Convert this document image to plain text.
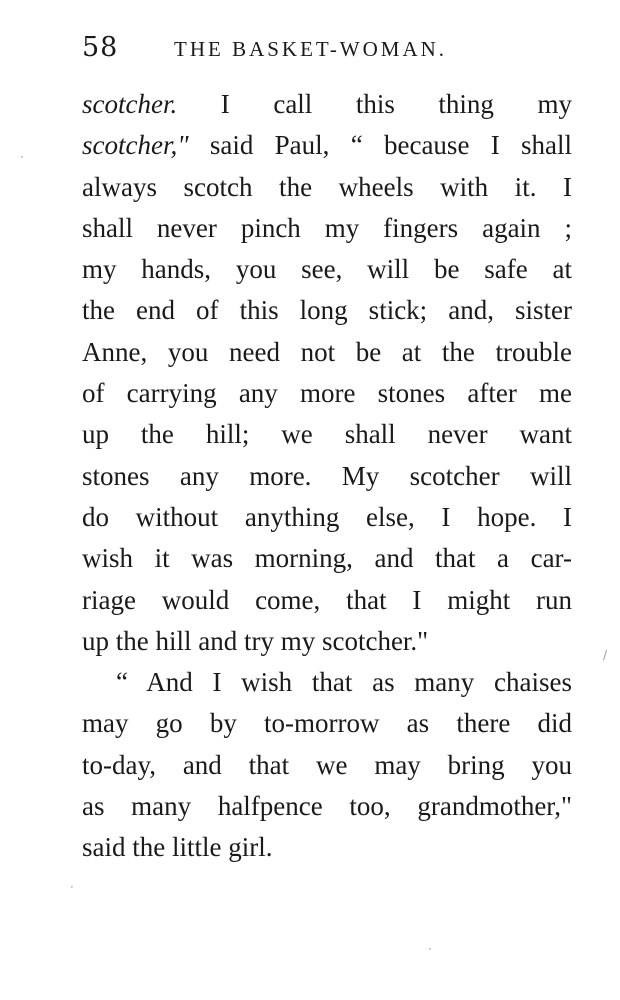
58	THE BASKET-WOMAN.
scotcher. I call this thing my
scotcher," said Paul, “ because I shall
always scotch the wheels with it. I
shall never pinch my fingers again ;
my hands, you see, will be safe at
the end of this long stick; and, sister
Anne, you need not be at the trouble
of carrying any more stones after me
up the hill; we shall never want
stones any more. My scotcher will
do without anything else, I hope. I
wish it was morning, and that a car-
riage would come, that I might run
up the hill and try my scotcher."
“ And I wish that as many chaises
may go by to-morrow as there did
to-day, and that we may bring you
as many halfpence too, grandmother,"
said the little girl.
·
/
·
·
